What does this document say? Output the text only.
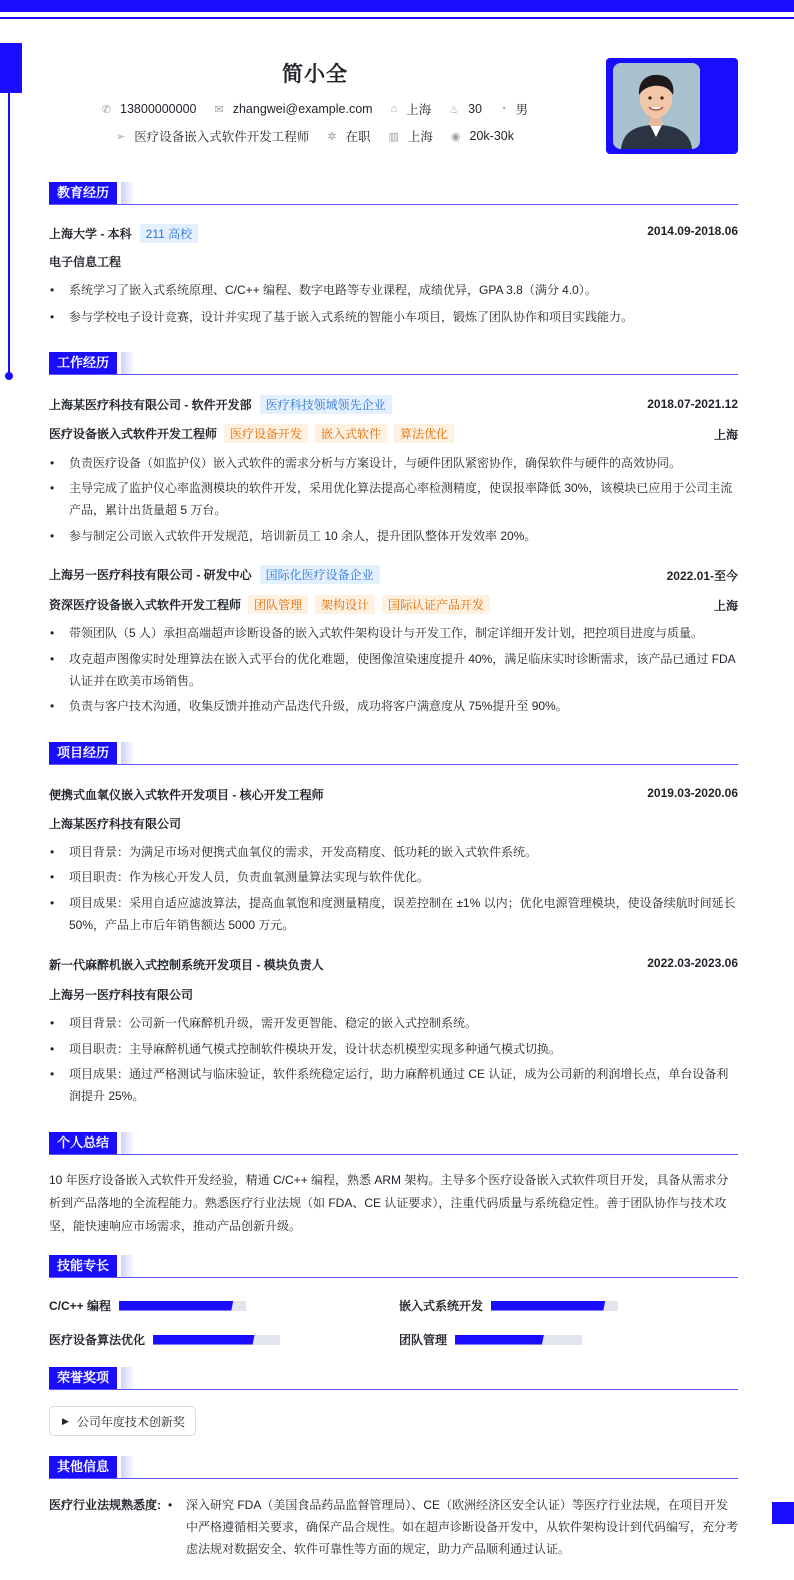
简小全
✆ 13800000000 ✉ zhangwei@example.com ⌂ 上海 ♨ 30 ◔ 男
➢ 医疗设备嵌入式软件开发工程师 ✲ 在职 ▥ 上海 ◉ 20k-30k
教育经历
上海大学 - 本科 211 高校	2014.09-2018.06
电子信息工程
• 系统学习了嵌入式系统原理、C/C++ 编程、数字电路等专业课程，成绩优异，GPA 3.8（满分 4.0）。
• 参与学校电子设计竞赛，设计并实现了基于嵌入式系统的智能小车项目，锻炼了团队协作和项目实践能力。
工作经历
上海某医疗科技有限公司 - 软件开发部 医疗科技领域领先企业	2018.07-2021.12
医疗设备嵌入式软件开发工程师 医疗设备开发 嵌入式软件 算法优化	上海
• 负责医疗设备（如监护仪）嵌入式软件的需求分析与方案设计，与硬件团队紧密协作，确保软件与硬件的高效协同。
• 主导完成了监护仪心率监测模块的软件开发，采用优化算法提高心率检测精度，使误报率降低 30%，该模块已应用于公司主流产品，累计出货量超 5 万台。
• 参与制定公司嵌入式软件开发规范，培训新员工 10 余人，提升团队整体开发效率 20%。
上海另一医疗科技有限公司 - 研发中心 国际化医疗设备企业	2022.01-至今
资深医疗设备嵌入式软件开发工程师 团队管理 架构设计 国际认证产品开发	上海
• 带领团队（5 人）承担高端超声诊断设备的嵌入式软件架构设计与开发工作，制定详细开发计划，把控项目进度与质量。
• 攻克超声图像实时处理算法在嵌入式平台的优化难题，使图像渲染速度提升 40%，满足临床实时诊断需求，该产品已通过 FDA 认证并在欧美市场销售。
• 负责与客户技术沟通，收集反馈并推动产品迭代升级，成功将客户满意度从 75%提升至 90%。
项目经历
便携式血氧仪嵌入式软件开发项目 - 核心开发工程师	2019.03-2020.06
上海某医疗科技有限公司
• 项目背景：为满足市场对便携式血氧仪的需求，开发高精度、低功耗的嵌入式软件系统。
• 项目职责：作为核心开发人员，负责血氧测量算法实现与软件优化。
• 项目成果：采用自适应滤波算法，提高血氧饱和度测量精度，误差控制在 ±1% 以内；优化电源管理模块，使设备续航时间延长 50%，产品上市后年销售额达 5000 万元。
新一代麻醉机嵌入式控制系统开发项目 - 模块负责人	2022.03-2023.06
上海另一医疗科技有限公司
• 项目背景：公司新一代麻醉机升级，需开发更智能、稳定的嵌入式控制系统。
• 项目职责：主导麻醉机通气模式控制软件模块开发，设计状态机模型实现多种通气模式切换。
• 项目成果：通过严格测试与临床验证，软件系统稳定运行，助力麻醉机通过 CE 认证，成为公司新的利润增长点，单台设备利润提升 25%。
个人总结
10 年医疗设备嵌入式软件开发经验，精通 C/C++ 编程，熟悉 ARM 架构。主导多个医疗设备嵌入式软件项目开发，具备从需求分析到产品落地的全流程能力。熟悉医疗行业法规（如 FDA、CE 认证要求），注重代码质量与系统稳定性。善于团队协作与技术攻坚，能快速响应市场需求，推动产品创新升级。
技能专长
C/C++ 编程	嵌入式系统开发
医疗设备算法优化	团队管理
荣誉奖项
▶ 公司年度技术创新奖
其他信息
医疗行业法规熟悉度:
•	深入研究 FDA（美国食品药品监督管理局）、CE（欧洲经济区安全认证）等医疗行业法规，在项目开发中严格遵循相关要求，确保产品合规性。如在超声诊断设备开发中，从软件架构设计到代码编写，充分考虑法规对数据安全、软件可靠性等方面的规定，助力产品顺利通过认证。
